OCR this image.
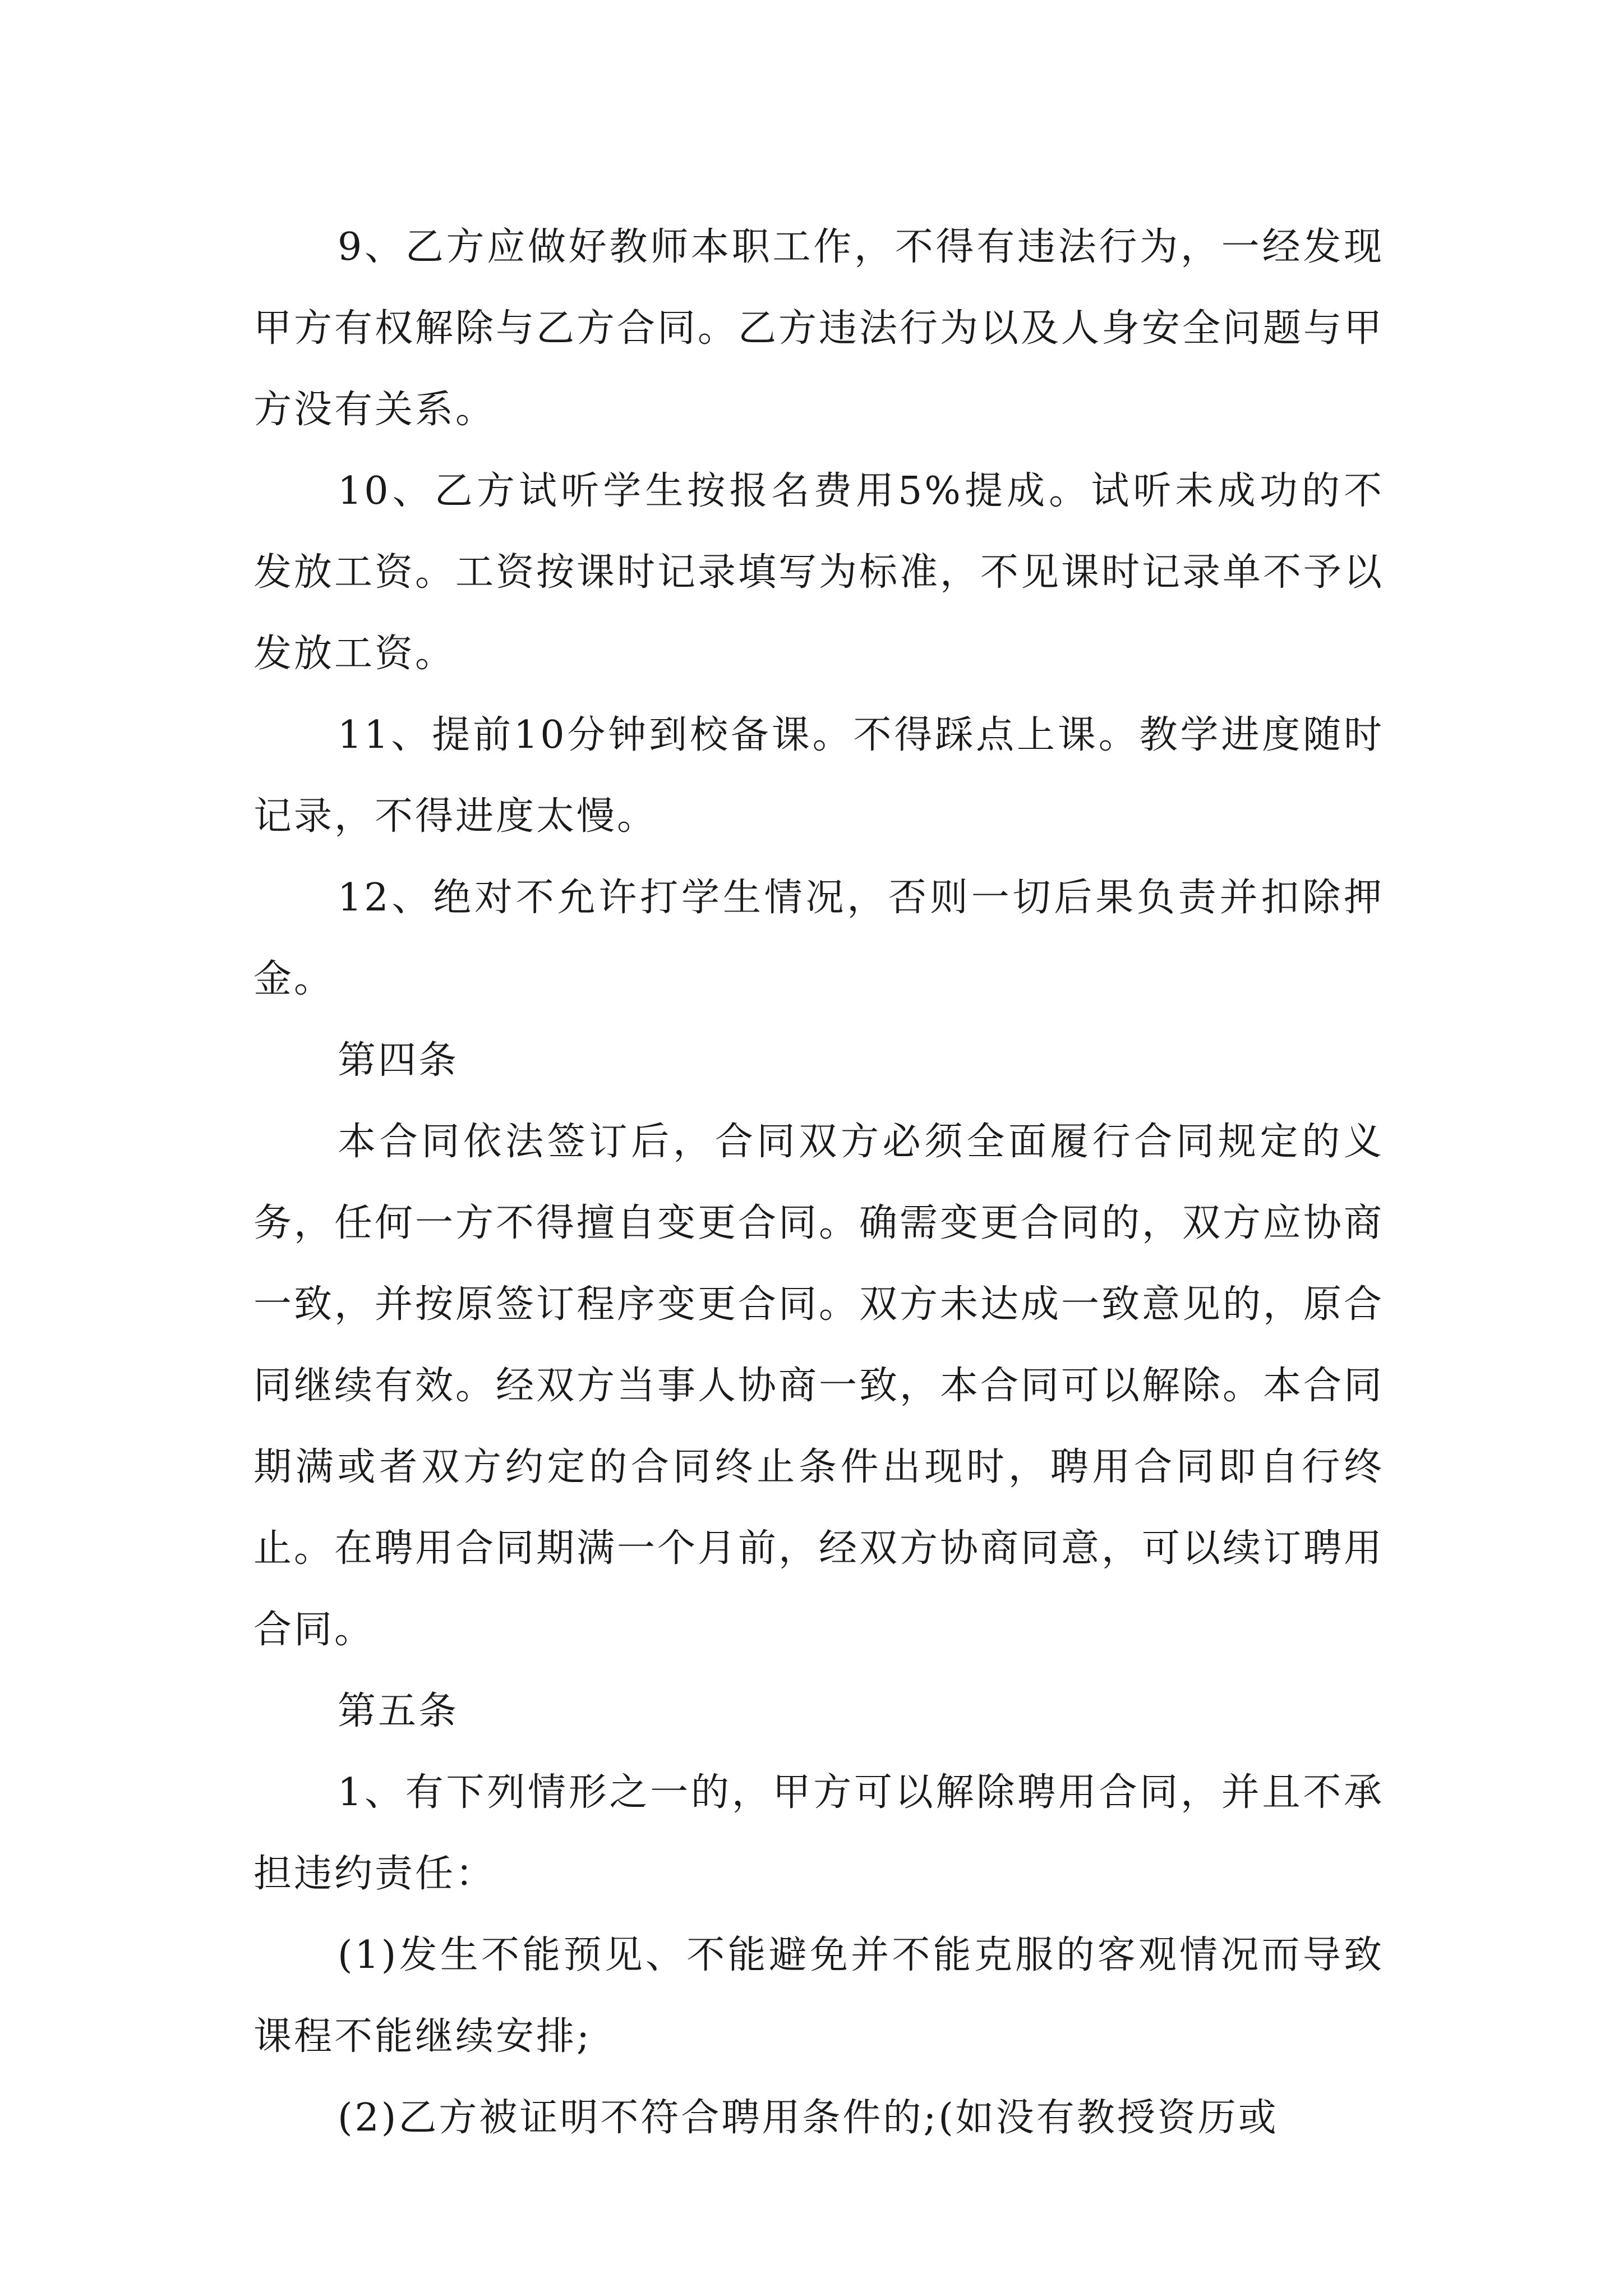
9、乙方应做好教师本职工作，不得有违法行为，一经发现甲方有权解除与乙方合同。乙方违法行为以及人身安全问题与甲方没有关系。

10、乙方试听学生按报名费用5%提成。试听未成功的不发放工资。工资按课时记录填写为标准，不见课时记录单不予以发放工资。

11、提前10分钟到校备课。不得踩点上课。教学进度随时记录，不得进度太慢。

12、绝对不允许打学生情况，否则一切后果负责并扣除押金。

第四条

本合同依法签订后，合同双方必须全面履行合同规定的义务，任何一方不得擅自变更合同。确需变更合同的，双方应协商一致，并按原签订程序变更合同。双方未达成一致意见的，原合同继续有效。经双方当事人协商一致，本合同可以解除。本合同期满或者双方约定的合同终止条件出现时，聘用合同即自行终止。在聘用合同期满一个月前，经双方协商同意，可以续订聘用合同。

第五条

1、有下列情形之一的，甲方可以解除聘用合同，并且不承担违约责任：

(1)发生不能预见、不能避免并不能克服的客观情况而导致课程不能继续安排;

(2)乙方被证明不符合聘用条件的;(如没有教授资历或
